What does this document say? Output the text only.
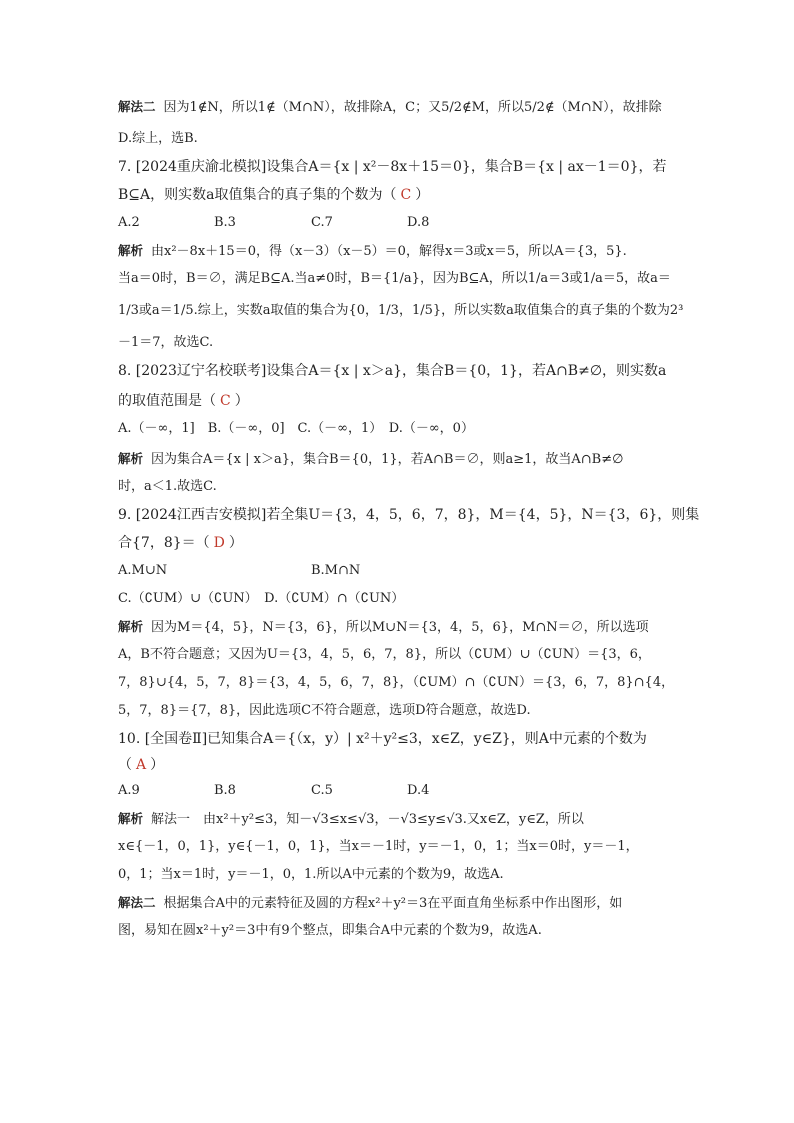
解法二 因为1∉N，所以1∉（M∩N），故排除A，C；又5/2∉M，所以5/2∉（M∩N），故排除
D.综上，选B.
7. [2024重庆渝北模拟]设集合A＝{x | x²－8x＋15＝0}，集合B＝{x | ax－1＝0}，若
B⊆A，则实数a取值集合的真子集的个数为（ C ）
A.2	B.3	C.7	D.8
解析 由x²－8x＋15＝0，得（x－3）（x－5）＝0，解得x＝3或x＝5，所以A＝{3，5}.
当a＝0时，B＝∅，满足B⊆A.当a≠0时，B＝{1/a}，因为B⊆A，所以1/a＝3或1/a＝5，故a＝
1/3或a＝1/5.综上，实数a取值的集合为{0，1/3，1/5}，所以实数a取值集合的真子集的个数为2³
－1＝7，故选C.
8. [2023辽宁名校联考]设集合A＝{x | x＞a}，集合B＝{0，1}，若A∩B≠∅，则实数a
的取值范围是（ C ）
A.（－∞，1]　B.（－∞，0]　C.（－∞，1）　D.（－∞，0）
解析 因为集合A＝{x | x＞a}，集合B＝{0，1}，若A∩B＝∅，则a≥1，故当A∩B≠∅
时，a＜1.故选C.
9. [2024江西吉安模拟]若全集U＝{3，4，5，6，7，8}，M＝{4，5}，N＝{3，6}，则集
合{7，8}＝（ D ）
A.M∪N	B.M∩N
C.（∁UM）∪（∁UN）　D.（∁UM）∩（∁UN）
解析 因为M＝{4，5}，N＝{3，6}，所以M∪N＝{3，4，5，6}，M∩N＝∅，所以选项
A，B不符合题意；又因为U＝{3，4，5，6，7，8}，所以（∁UM）∪（∁UN）＝{3，6，
7，8}∪{4，5，7，8}＝{3，4，5，6，7，8}，（∁UM）∩（∁UN）＝{3，6，7，8}∩{4，
5，7，8}＝{7，8}，因此选项C不符合题意，选项D符合题意，故选D.
10. [全国卷Ⅱ]已知集合A＝{（x，y）| x²＋y²≤3，x∈Z，y∈Z}，则A中元素的个数为
（ A ）
A.9	B.8	C.5	D.4
解析 解法一　由x²＋y²≤3，知－√3≤x≤√3，－√3≤y≤√3.又x∈Z，y∈Z，所以
x∈{－1，0，1}，y∈{－1，0，1}，当x＝－1时，y＝－1，0，1；当x＝0时，y＝－1，
0，1；当x＝1时，y＝－1，0，1.所以A中元素的个数为9，故选A.
解法二 根据集合A中的元素特征及圆的方程x²＋y²＝3在平面直角坐标系中作出图形，如
图，易知在圆x²＋y²＝3中有9个整点，即集合A中元素的个数为9，故选A.
